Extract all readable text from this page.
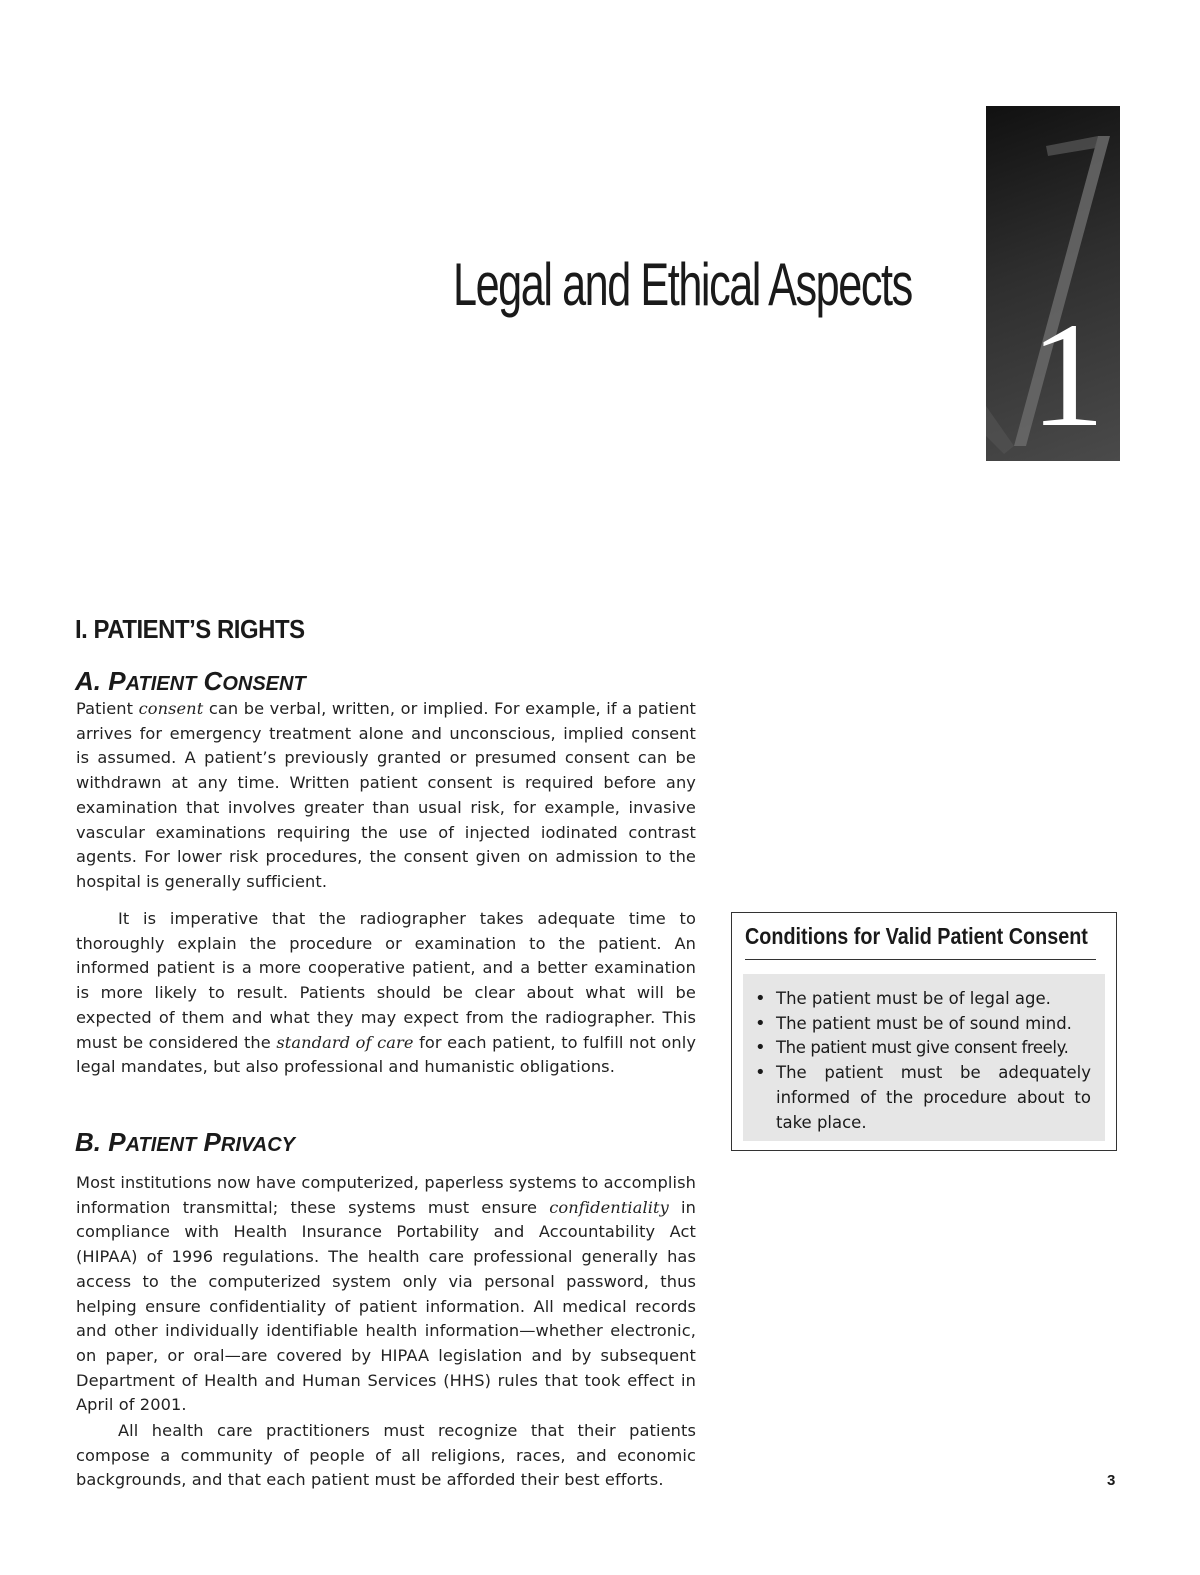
Legal and Ethical Aspects
1
I. PATIENT’S RIGHTS
A. PATIENT CONSENT

Patient consent can be verbal, written, or implied. For example, if a patient arrives for emergency treatment alone and unconscious, implied consent is assumed. A patient’s previously granted or presumed consent can be withdrawn at any time. Written patient consent is required before any examination that involves greater than usual risk, for example, invasive vascular examinations requiring the use of injected iodinated contrast agents. For lower risk procedures, the consent given on admission to the hospital is generally sufficient.

It is imperative that the radiographer takes adequate time to thoroughly explain the procedure or examination to the patient. An informed patient is a more cooperative patient, and a better examination is more likely to result. Patients should be clear about what will be expected of them and what they may expect from the radiographer. This must be considered the standard of care for each patient, to fulfill not only legal mandates, but also professional and humanistic obligations.

B. PATIENT PRIVACY

Most institutions now have computerized, paperless systems to accomplish information transmittal; these systems must ensure confidentiality in compliance with Health Insurance Portability and Accountability Act (HIPAA) of 1996 regulations. The health care professional generally has access to the computerized system only via personal password, thus helping ensure confidentiality of patient information. All medical records and other individually identifiable health information—whether electronic, on paper, or oral—are covered by HIPAA legislation and by subsequent Department of Health and Human Services (HHS) rules that took effect in April of 2001.

All health care practitioners must recognize that their patients compose a community of people of all religions, races, and economic backgrounds, and that each patient must be afforded their best efforts.

Conditions for Valid Patient Consent
• The patient must be of legal age.
• The patient must be of sound mind.
• The patient must give consent freely.
• The patient must be adequately informed of the procedure about to take place.
3
